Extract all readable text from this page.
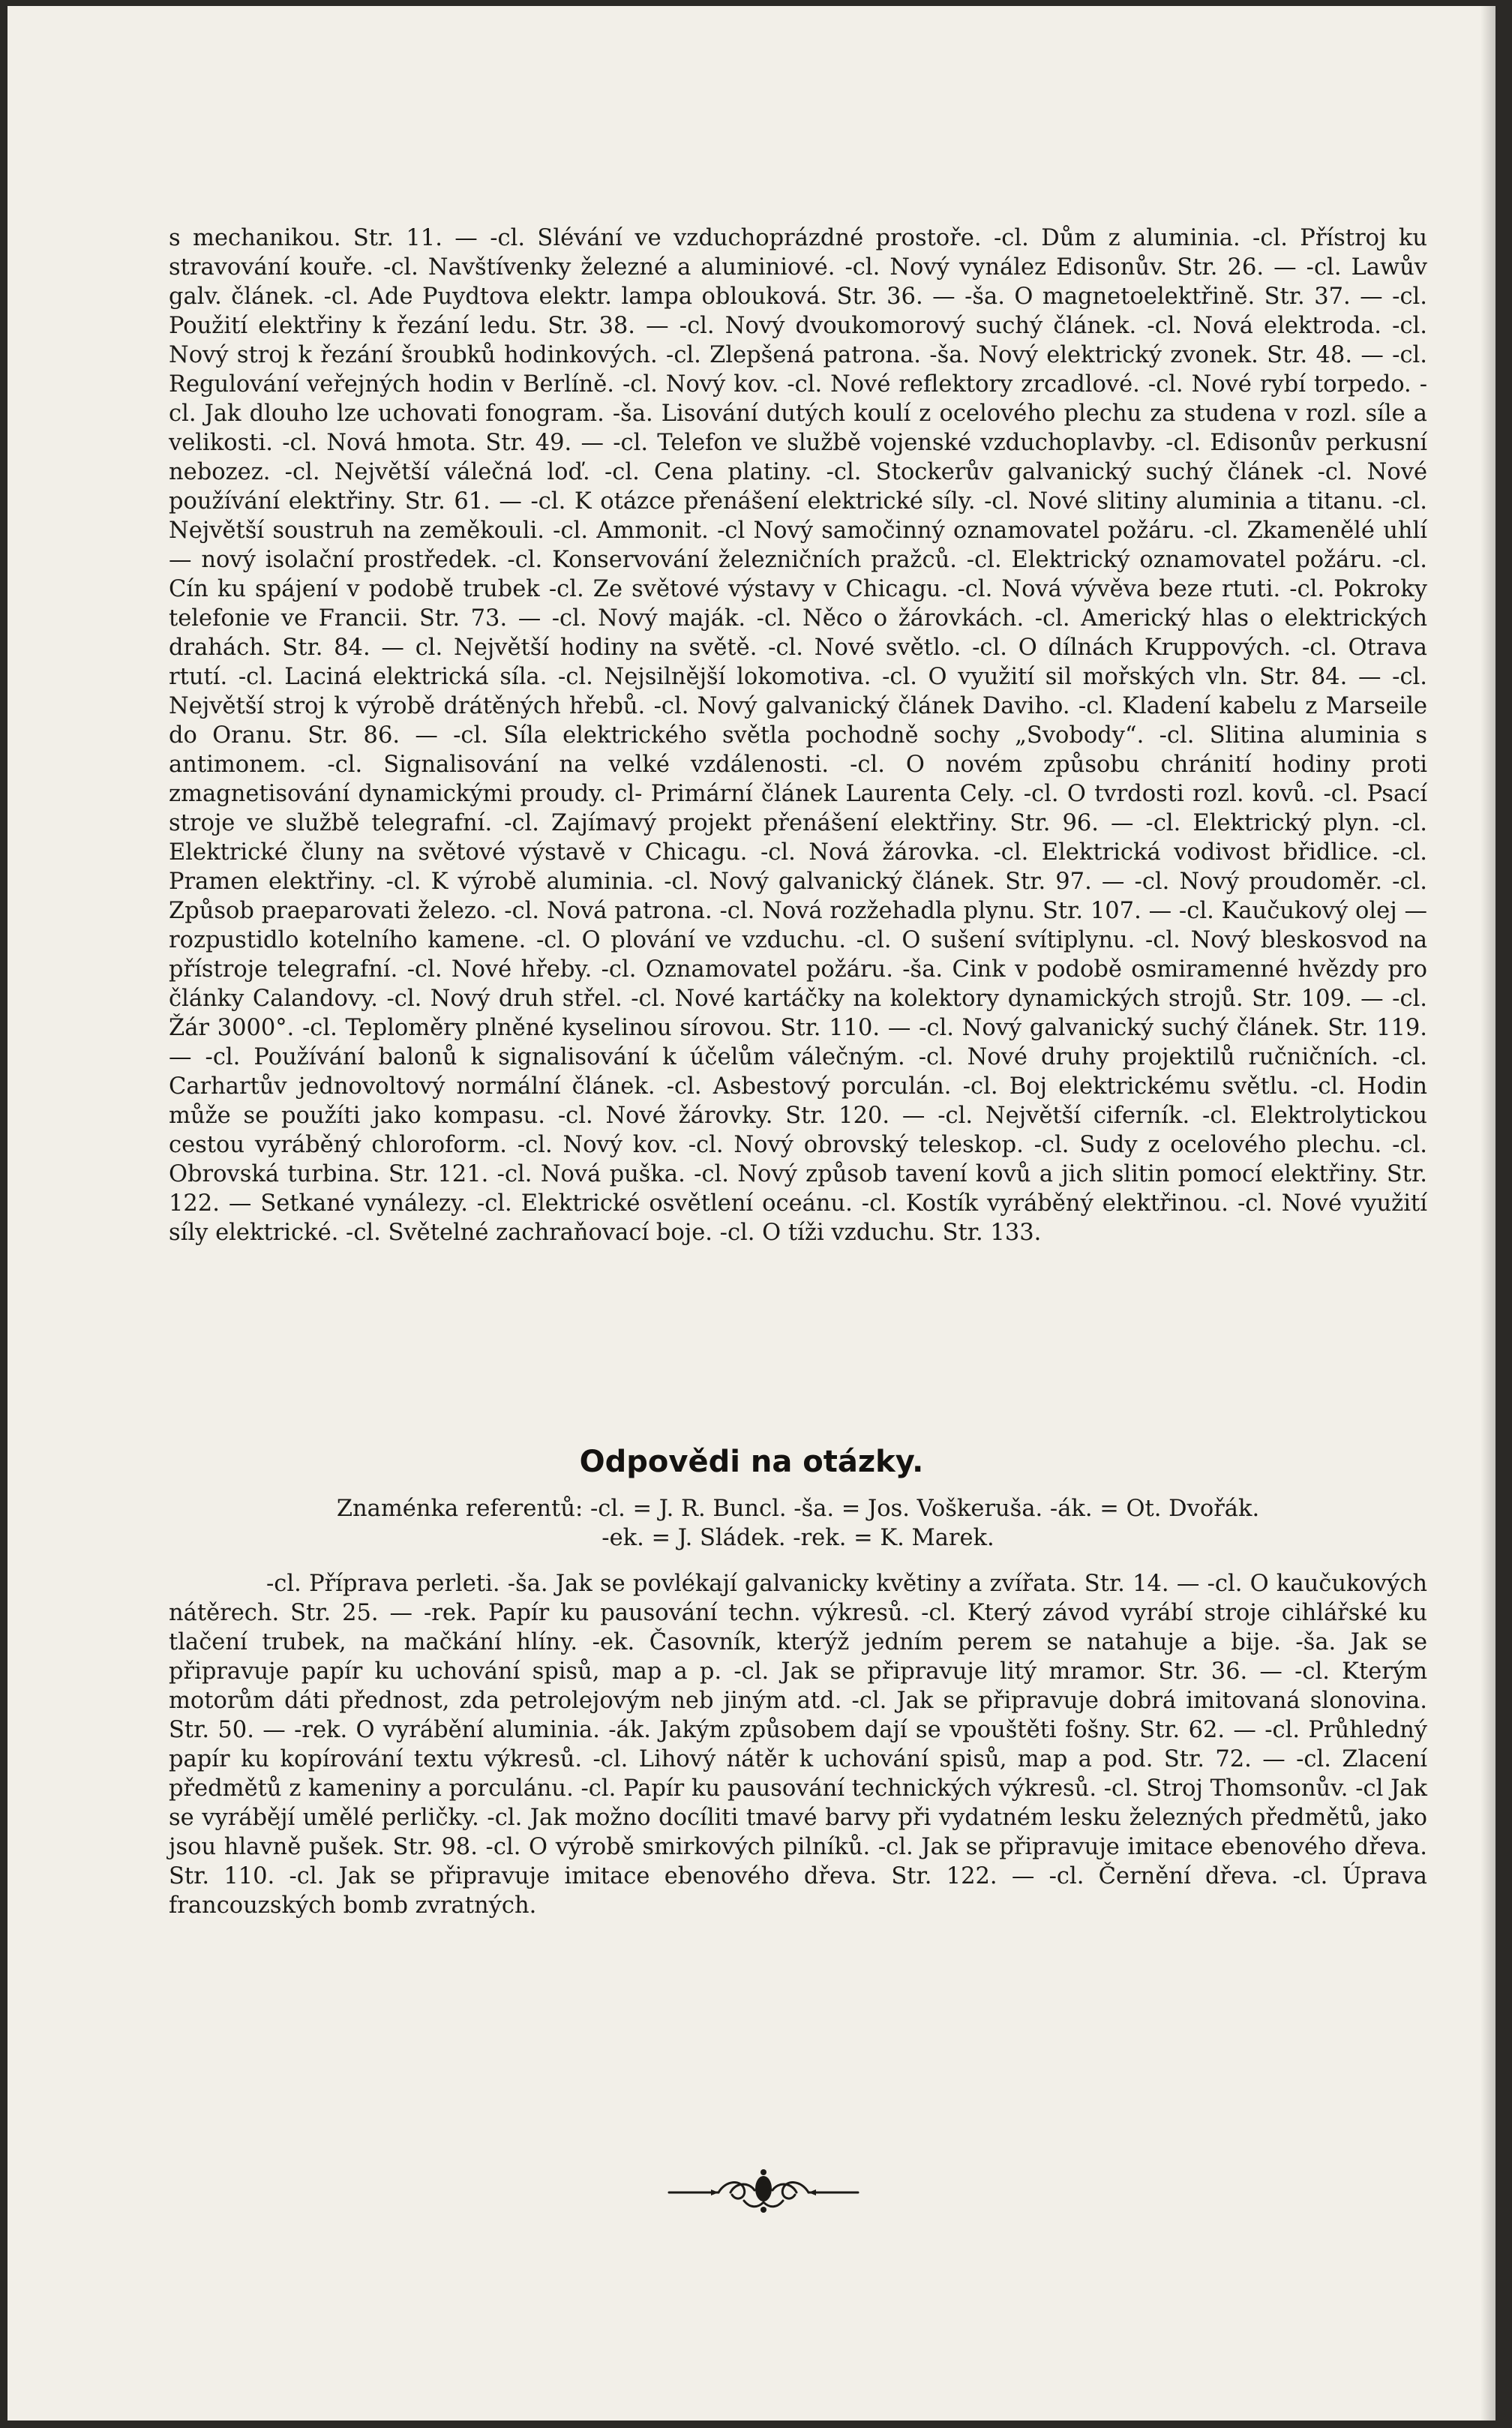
s mechanikou. Str. 11. — -cl. Slévání ve vzduchoprázdné prostoře. -cl. Dům z aluminia. -cl. Přístroj ku stravování kouře. -cl. Navštívenky železné a aluminiové. -cl. Nový vynález Edisonův. Str. 26. — -cl. Lawův galv. článek. -cl. Ade Puydtova elektr. lampa oblouková. Str. 36. — -ša. O magnetoelektřině. Str. 37. — -cl. Použití elektřiny k řezání ledu. Str. 38. — -cl. Nový dvoukomorový suchý článek. -cl. Nová elektroda. -cl. Nový stroj k řezání šroubků hodinkových. -cl. Zlepšená patrona. -ša. Nový elektrický zvonek. Str. 48. — -cl. Regulování veřejných hodin v Berlíně. -cl. Nový kov. -cl. Nové reflektory zrcadlové. -cl. Nové rybí torpedo. -cl. Jak dlouho lze uchovati fonogram. -ša. Lisování dutých koulí z ocelového plechu za studena v rozl. síle a velikosti. -cl. Nová hmota. Str. 49. — -cl. Telefon ve službě vojenské vzduchoplavby. -cl. Edisonův perkusní nebozez. -cl. Největší válečná loď. -cl. Cena platiny. -cl. Stockerův galvanický suchý článek -cl. Nové používání elektřiny. Str. 61. — -cl. K otázce přenášení elektrické síly. -cl. Nové slitiny aluminia a titanu. -cl. Největší soustruh na zeměkouli. -cl. Ammonit. -cl Nový samočinný oznamovatel požáru. -cl. Zkamenělé uhlí — nový isolační prostředek. -cl. Konservování železničních pražců. -cl. Elektrický oznamovatel požáru. -cl. Cín ku spájení v podobě trubek -cl. Ze světové výstavy v Chicagu. -cl. Nová vývěva beze rtuti. -cl. Pokroky telefonie ve Francii. Str. 73. — -cl. Nový maják. -cl. Něco o žárovkách. -cl. Americký hlas o elektrických drahách. Str. 84. — cl. Největší hodiny na světě. -cl. Nové světlo. -cl. O dílnách Kruppových. -cl. Otrava rtutí. -cl. Laciná elektrická síla. -cl. Nejsilnější lokomotiva. -cl. O využití sil mořských vln. Str. 84. — -cl. Největší stroj k výrobě drátěných hřebů. -cl. Nový galvanický článek Daviho. -cl. Kladení kabelu z Marseile do Oranu. Str. 86. — -cl. Síla elektrického světla pochodně sochy „Svobody“. -cl. Slitina aluminia s antimonem. -cl. Signalisování na velké vzdálenosti. -cl. O novém způsobu chránití hodiny proti zmagnetisování dynamickými proudy. cl- Primární článek Laurenta Cely. -cl. O tvrdosti rozl. kovů. -cl. Psací stroje ve službě telegrafní. -cl. Zajímavý projekt přenášení elektřiny. Str. 96. — -cl. Elektrický plyn. -cl. Elektrické čluny na světové výstavě v Chicagu. -cl. Nová žárovka. -cl. Elektrická vodivost břidlice. -cl. Pramen elektřiny. -cl. K výrobě aluminia. -cl. Nový galvanický článek. Str. 97. — -cl. Nový proudoměr. -cl. Způsob praeparovati železo. -cl. Nová patrona. -cl. Nová rozžehadla plynu. Str. 107. — -cl. Kaučukový olej — rozpustidlo kotelního kamene. -cl. O plování ve vzduchu. -cl. O sušení svítiplynu. -cl. Nový bleskosvod na přístroje telegrafní. -cl. Nové hřeby. -cl. Oznamovatel požáru. -ša. Cink v podobě osmiramenné hvězdy pro články Calandovy. -cl. Nový druh střel. -cl. Nové kartáčky na kolektory dynamických strojů. Str. 109. — -cl. Žár 3000°. -cl. Teploměry plněné kyselinou sírovou. Str. 110. — -cl. Nový galvanický suchý článek. Str. 119. — -cl. Používání balonů k signalisování k účelům válečným. -cl. Nové druhy projektilů ručničních. -cl. Carhartův jednovoltový normální článek. -cl. Asbestový porculán. -cl. Boj elektrickému světlu. -cl. Hodin může se použíti jako kompasu. -cl. Nové žárovky. Str. 120. — -cl. Největší ciferník. -cl. Elektrolytickou cestou vyráběný chloroform. -cl. Nový kov. -cl. Nový obrovský teleskop. -cl. Sudy z ocelového plechu. -cl. Obrovská turbina. Str. 121. -cl. Nová puška. -cl. Nový způsob tavení kovů a jich slitin pomocí elektřiny. Str. 122. — Setkané vynálezy. -cl. Elektrické osvětlení oceánu. -cl. Kostík vyráběný elektřinou. -cl. Nové využití síly elektrické. -cl. Světelné zachraňovací boje. -cl. O tíži vzduchu. Str. 133.

Odpovědi na otázky.

Znaménka referentů: -cl. = J. R. Buncl. -ša. = Jos. Voškeruša. -ák. = Ot. Dvořák.

-ek. = J. Sládek. -rek. = K. Marek.

-cl. Příprava perleti. -ša. Jak se povlékají galvanicky květiny a zvířata. Str. 14. — -cl. O kaučukových nátěrech. Str. 25. — -rek. Papír ku pausování techn. výkresů. -cl. Který závod vyrábí stroje cihlářské ku tlačení trubek, na mačkání hlíny. -ek. Časovník, kterýž jedním perem se natahuje a bije. -ša. Jak se připravuje papír ku uchování spisů, map a p. -cl. Jak se připravuje litý mramor. Str. 36. — -cl. Kterým motorům dáti přednost, zda petrolejovým neb jiným atd. -cl. Jak se připravuje dobrá imitovaná slonovina. Str. 50. — -rek. O vyrábění aluminia. -ák. Jakým způsobem dají se vpouštěti fošny. Str. 62. — -cl. Průhledný papír ku kopírování textu výkresů. -cl. Lihový nátěr k uchování spisů, map a pod. Str. 72. — -cl. Zlacení předmětů z kameniny a porculánu. -cl. Papír ku pausování technických výkresů. -cl. Stroj Thomsonův. -cl Jak se vyrábějí umělé perličky. -cl. Jak možno docíliti tmavé barvy při vydatném lesku železných předmětů, jako jsou hlavně pušek. Str. 98. -cl. O výrobě smirkových pilníků. -cl. Jak se připravuje imitace ebenového dřeva. Str. 110. -cl. Jak se připravuje imitace ebenového dřeva. Str. 122. — -cl. Černění dřeva. -cl. Úprava francouzských bomb zvratných.
